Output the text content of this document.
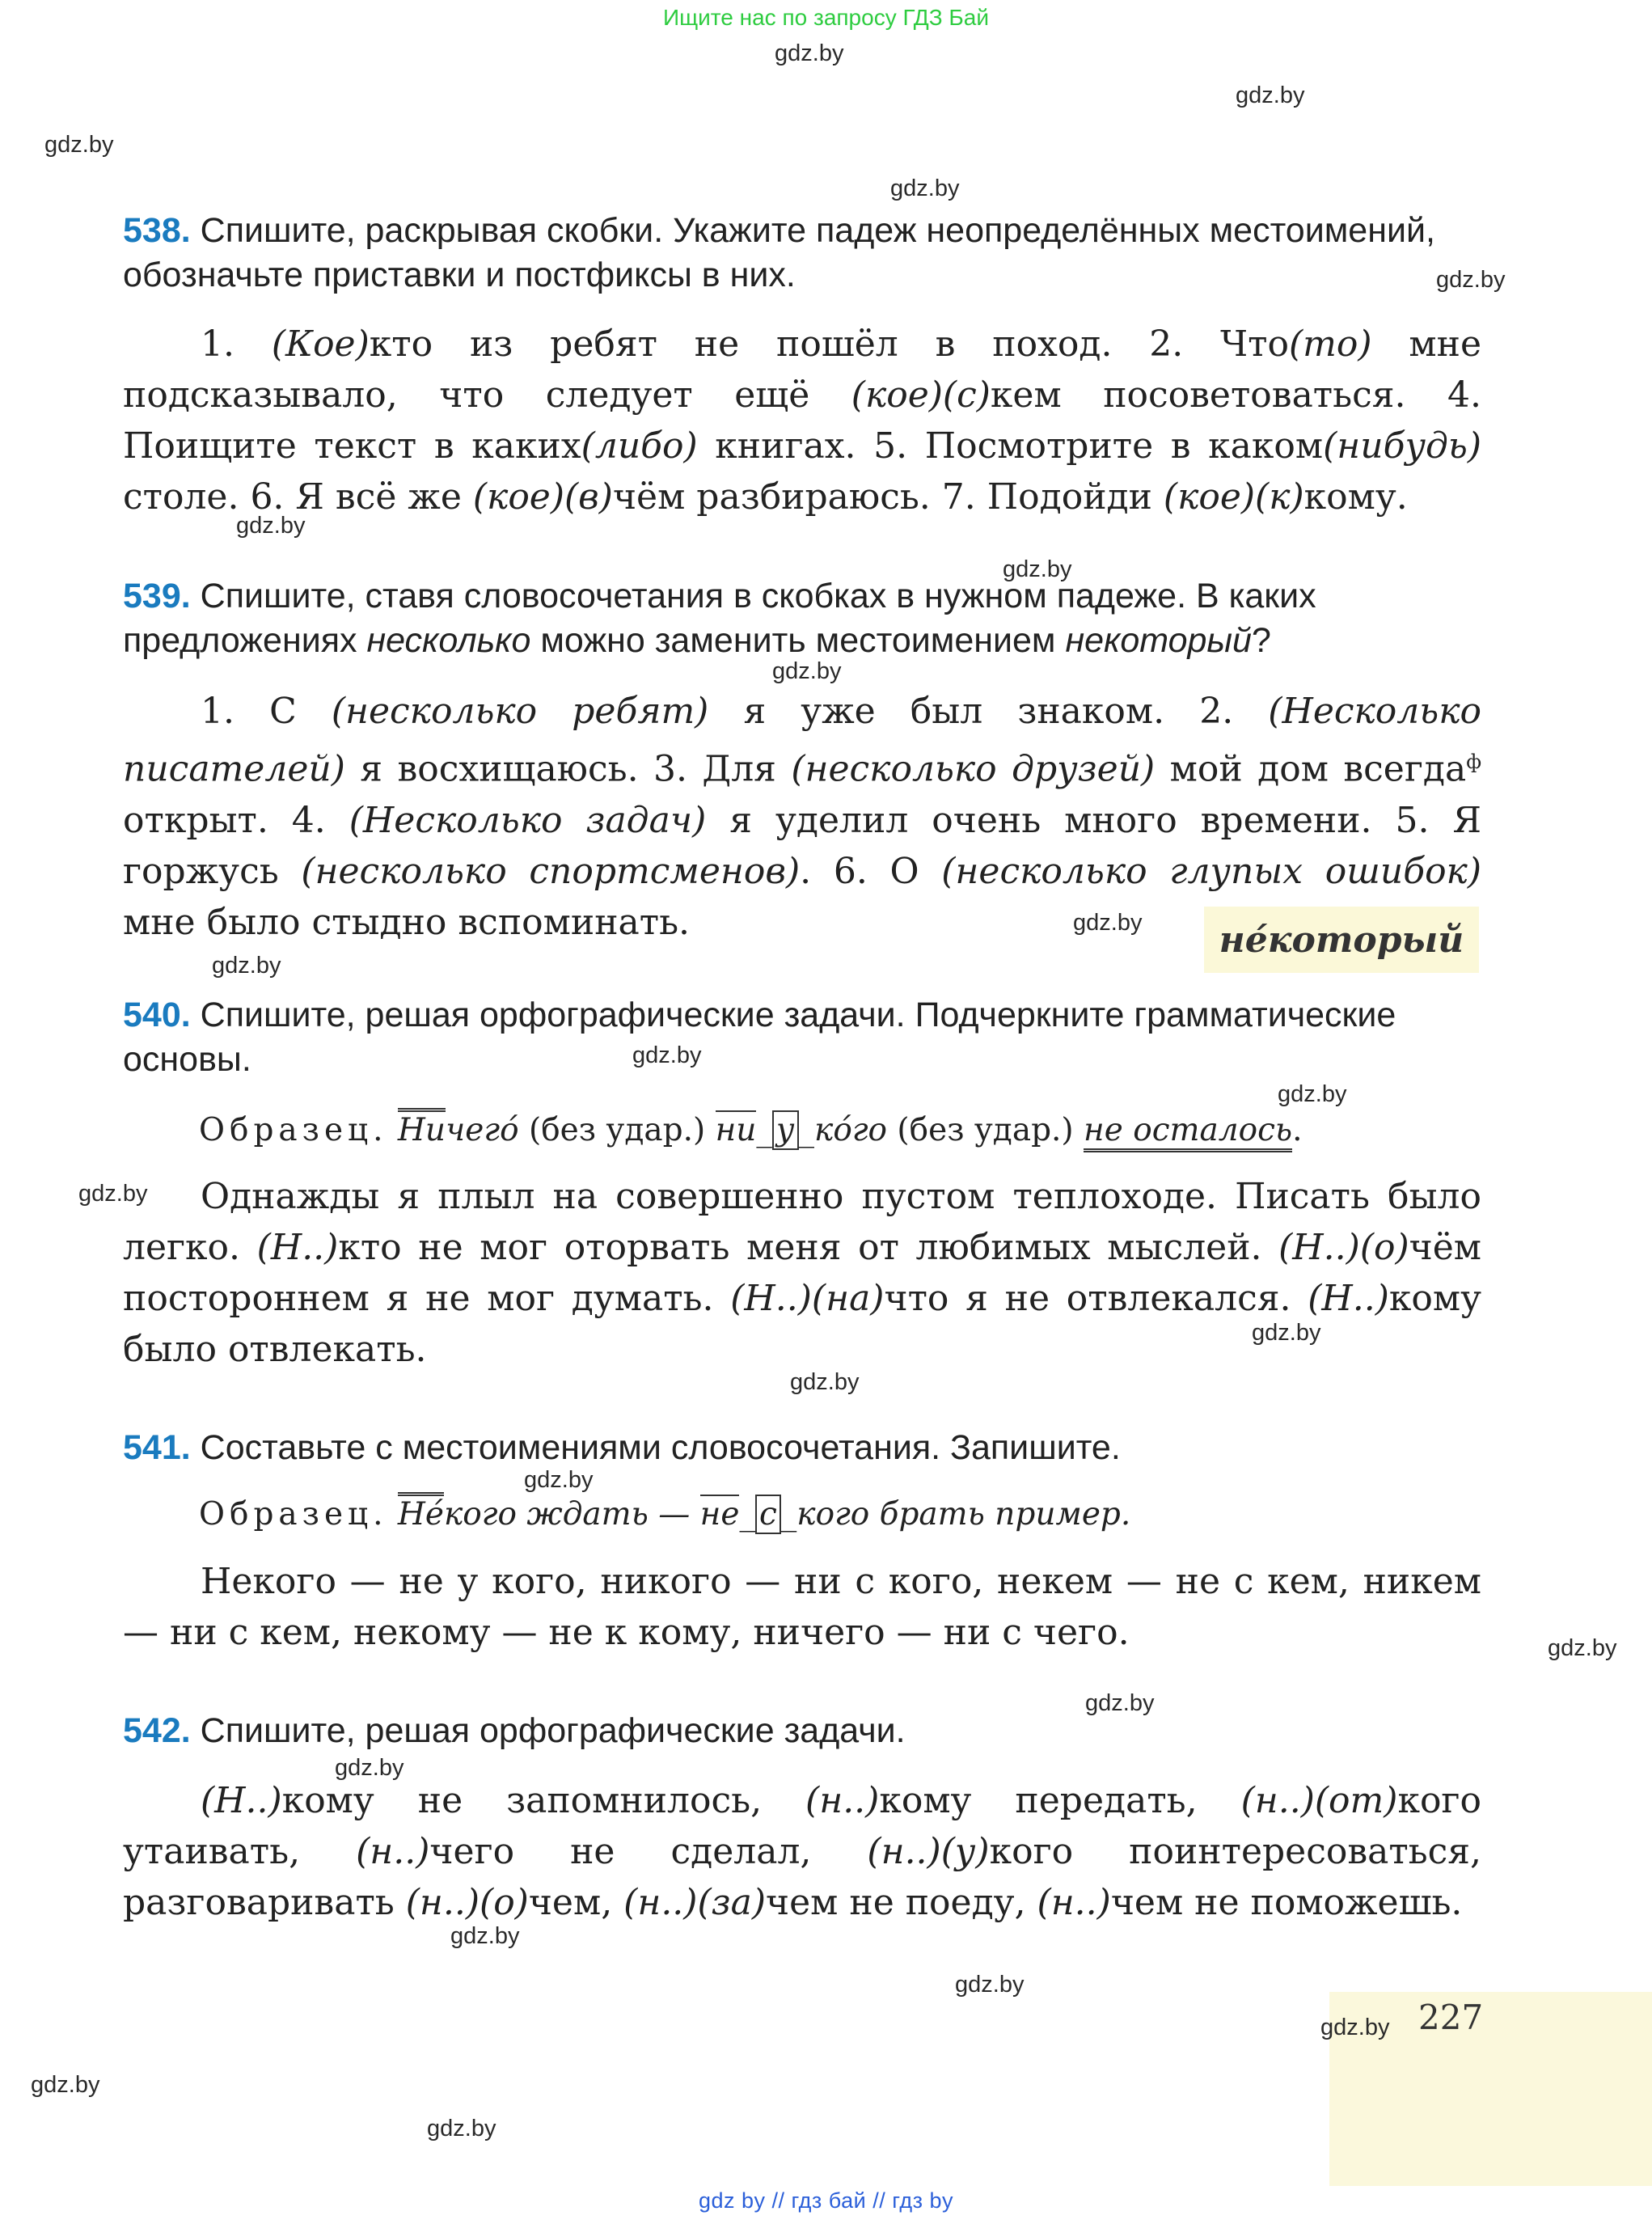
Ищите нас по запросу ГДЗ Бай
gdz.by
gdz.by
gdz.by
gdz.by
gdz.by
gdz.by
gdz.by
gdz.by
gdz.by
gdz.by
gdz.by
gdz.by
gdz.by
gdz.by
gdz.by
gdz.by
gdz.by
gdz.by
gdz.by
gdz.by
gdz.by
gdz.by
gdz.by
538. Спишите, раскрывая скобки. Укажите падеж неопределённых местоимений, обозначьте приставки и постфиксы в них.
1. (Кое)кто из ребят не пошёл в поход. 2. Что(то) мне подсказывало, что следует ещё (кое)(с)кем посоветоваться. 4. Поищите текст в каких(либо) книгах. 5. Посмотрите в каком(нибудь) столе. 6. Я всё же (кое)(в)чём разбираюсь. 7. Подойди (кое)(к)кому.
539. Спишите, ставя словосочетания в скобках в нужном падеже. В каких предложениях несколько можно заменить местоимением некоторый?
1. С (несколько ребят) я уже был знаком. 2. (Несколько писателей) я восхищаюсь. 3. Для (несколько друзей) мой дом всегда$^ф$ открыт. 4. (Несколько задач) я уделил очень много времени. 5. Я горжусь (несколько спортсменов). 6. О (несколько глупых ошибок) мне было стыдно вспоминать.	не́который
540. Спишите, решая орфографические задачи. Подчеркните грамматические основы.
Образец. Ничего́ (без удар.) ни_ у _ко́го (без удар.) не осталось.
Однажды я плыл на совершенно пустом теплоходе. Писать было легко. (Н..)кто не мог оторвать меня от любимых мыслей. (Н..)(о)чём постороннем я не мог думать. (Н..)(на)что я не отвлекался. (Н..)кому было отвлекать.
541. Составьте с местоимениями словосочетания. Запишите.
Образец. Не́кого ждать — не_ с _кого брать пример.
Некого — не у кого, никого — ни с кого, некем — не с кем, никем — ни с кем, некому — не к кому, ничего — ни с чего.
542. Спишите, решая орфографические задачи.
(Н..)кому не запомнилось, (н..)кому передать, (н..)(от)кого утаивать, (н..)чего не сделал, (н..)(у)кого поинтересоваться, разговаривать (н..)(о)чем, (н..)(за)чем не поеду, (н..)чем не поможешь.
227
gdz.by
gdz by // гдз бай // гдз by
